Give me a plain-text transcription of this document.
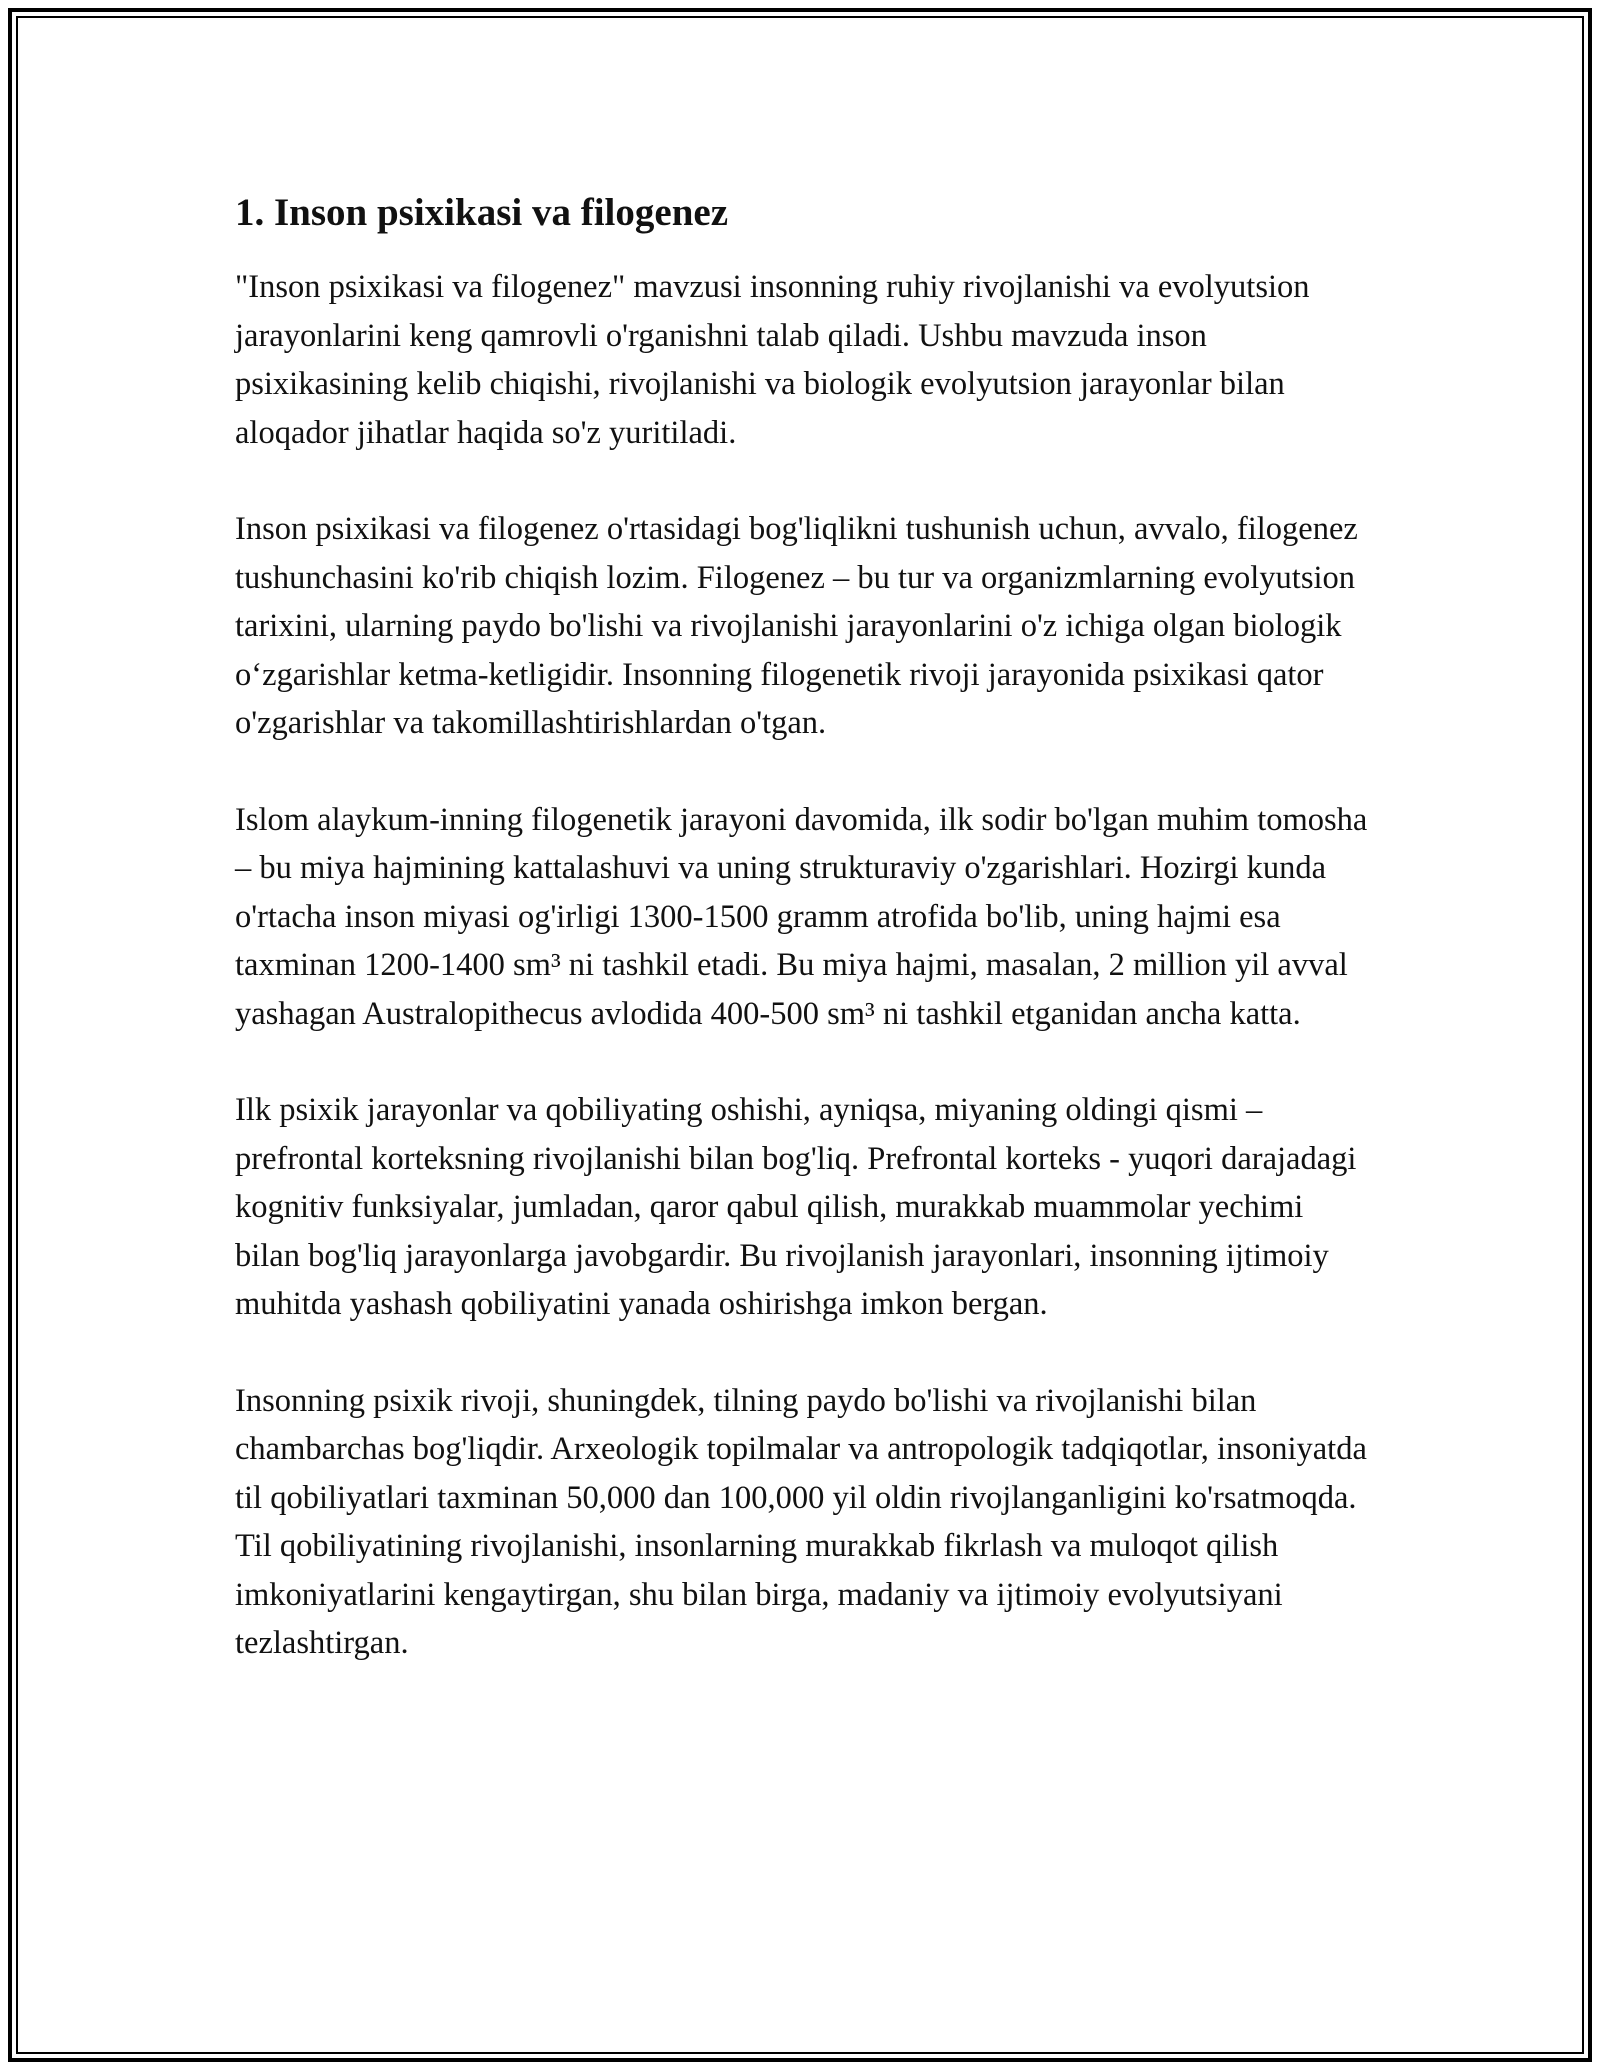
1. Inson psixikasi va filogenez

"Inson psixikasi va filogenez" mavzusi insonning ruhiy rivojlanishi va evolyutsion jarayonlarini keng qamrovli o'rganishni talab qiladi. Ushbu mavzuda inson psixikasining kelib chiqishi, rivojlanishi va biologik evolyutsion jarayonlar bilan aloqador jihatlar haqida so'z yuritiladi.

Inson psixikasi va filogenez o'rtasidagi bog'liqlikni tushunish uchun, avvalo, filogenez tushunchasini ko'rib chiqish lozim. Filogenez – bu tur va organizmlarning evolyutsion tarixini, ularning paydo bo'lishi va rivojlanishi jarayonlarini o'z ichiga olgan biologik o‘zgarishlar ketma-ketligidir. Insonning filogenetik rivoji jarayonida psixikasi qator o'zgarishlar va takomillashtirishlardan o'tgan.

Islom alaykum-inning filogenetik jarayoni davomida, ilk sodir bo'lgan muhim tomosha – bu miya hajmining kattalashuvi va uning strukturaviy o'zgarishlari. Hozirgi kunda o'rtacha inson miyasi og'irligi 1300-1500 gramm atrofida bo'lib, uning hajmi esa taxminan 1200-1400 sm³ ni tashkil etadi. Bu miya hajmi, masalan, 2 million yil avval yashagan Australopithecus avlodida 400-500 sm³ ni tashkil etganidan ancha katta.

Ilk psixik jarayonlar va qobiliyating oshishi, ayniqsa, miyaning oldingi qismi – prefrontal korteksning rivojlanishi bilan bog'liq. Prefrontal korteks - yuqori darajadagi kognitiv funksiyalar, jumladan, qaror qabul qilish, murakkab muammolar yechimi bilan bog'liq jarayonlarga javobgardir. Bu rivojlanish jarayonlari, insonning ijtimoiy muhitda yashash qobiliyatini yanada oshirishga imkon bergan.

Insonning psixik rivoji, shuningdek, tilning paydo bo'lishi va rivojlanishi bilan chambarchas bog'liqdir. Arxeologik topilmalar va antropologik tadqiqotlar, insoniyatda til qobiliyatlari taxminan 50,000 dan 100,000 yil oldin rivojlanganligini ko'rsatmoqda. Til qobiliyatining rivojlanishi, insonlarning murakkab fikrlash va muloqot qilish imkoniyatlarini kengaytirgan, shu bilan birga, madaniy va ijtimoiy evolyutsiyani tezlashtirgan.
